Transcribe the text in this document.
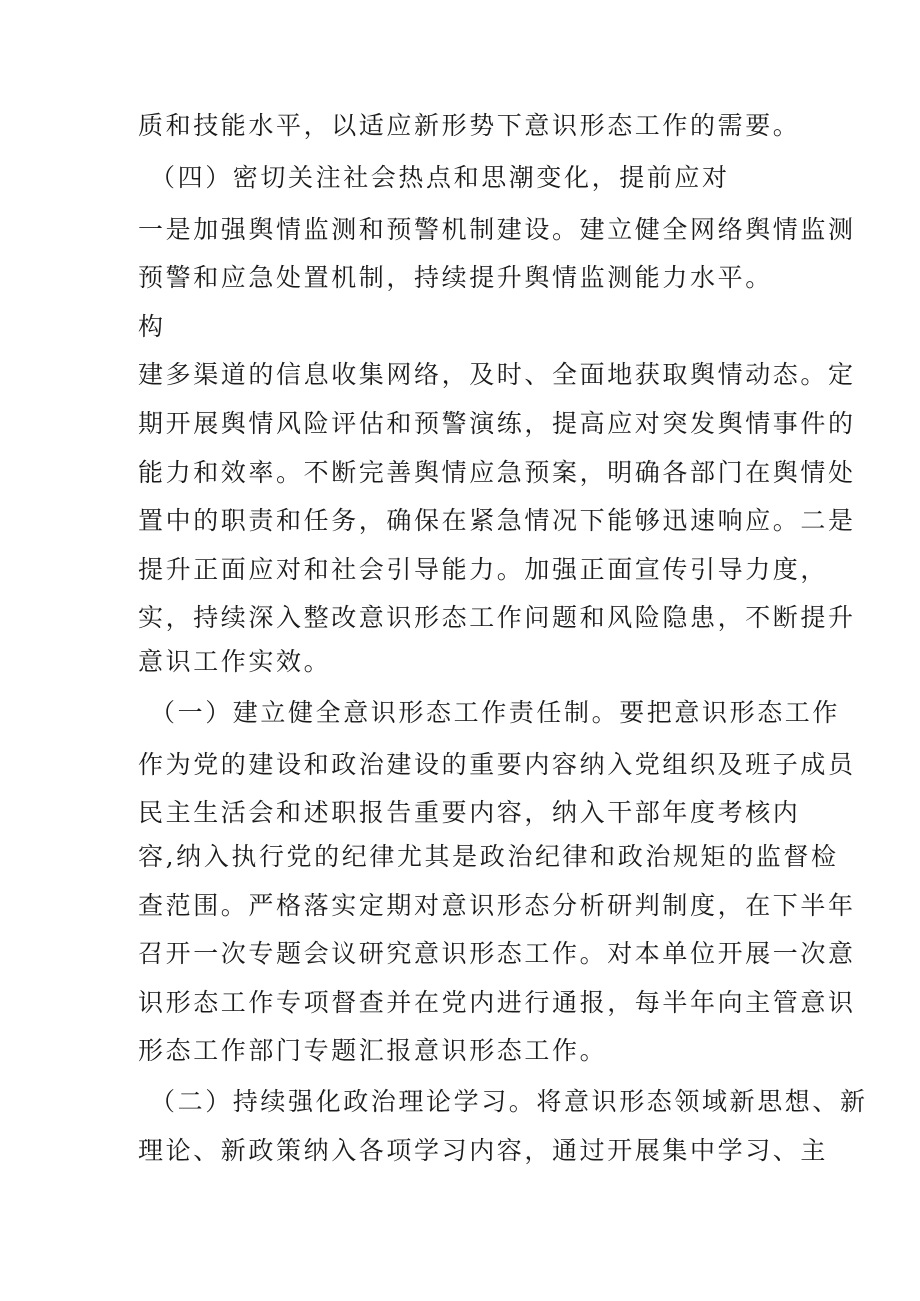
质和技能水平，以适应新形势下意识形态工作的需要。
（四）密切关注社会热点和思潮变化，提前应对
一是加强舆情监测和预警机制建设。建立健全网络舆情监测
预警和应急处置机制，持续提升舆情监测能力水平。
构
建多渠道的信息收集网络，及时、全面地获取舆情动态。定
期开展舆情风险评估和预警演练，提高应对突发舆情事件的
能力和效率。不断完善舆情应急预案，明确各部门在舆情处
置中的职责和任务，确保在紧急情况下能够迅速响应。二是
提升正面应对和社会引导能力。加强正面宣传引导力度，
实，持续深入整改意识形态工作问题和风险隐患，不断提升
意识工作实效。
（一）建立健全意识形态工作责任制。要把意识形态工作
作为党的建设和政治建设的重要内容纳入党组织及班子成员
民主生活会和述职报告重要内容，纳入干部年度考核内
容,纳入执行党的纪律尤其是政治纪律和政治规矩的监督检
查范围。严格落实定期对意识形态分析研判制度，在下半年
召开一次专题会议研究意识形态工作。对本单位开展一次意
识形态工作专项督查并在党内进行通报，每半年向主管意识
形态工作部门专题汇报意识形态工作。
（二）持续强化政治理论学习。将意识形态领域新思想、新
理论、新政策纳入各项学习内容，通过开展集中学习、主
